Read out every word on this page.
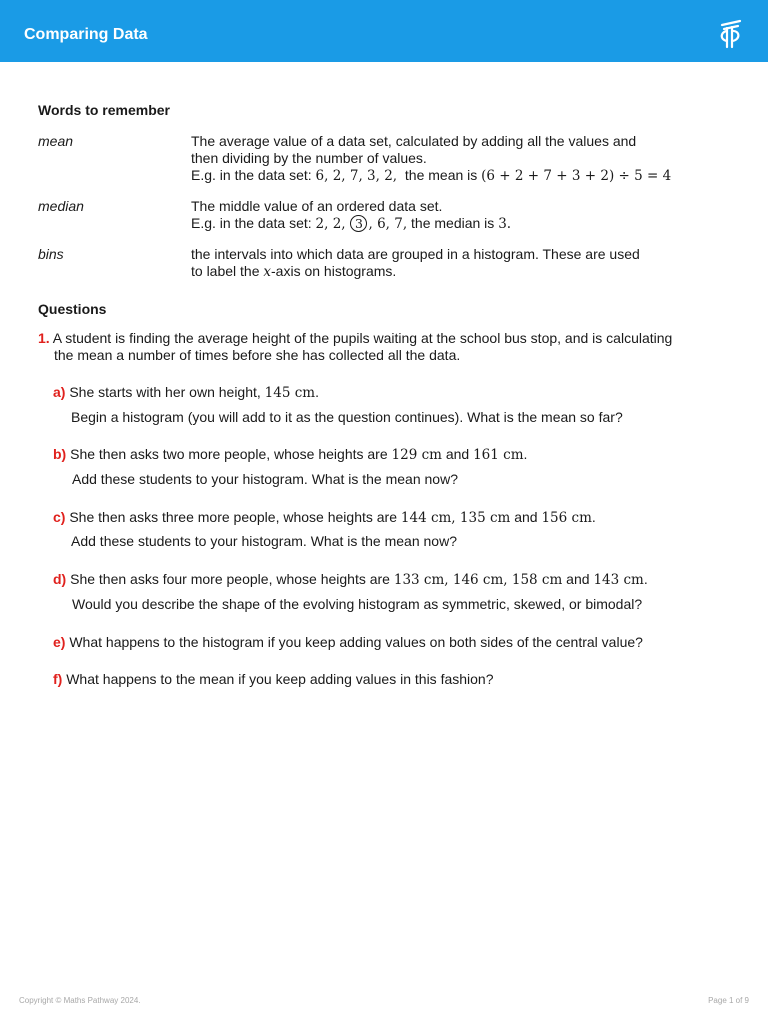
Comparing Data
Words to remember
mean	The average value of a data set, calculated by adding all the values and
then dividing by the number of values.
E.g. in the data set: 6, 2, 7, 3, 2,  the mean is (6 + 2 + 7 + 3 + 2) ÷ 5 = 4
median	The middle value of an ordered data set.
E.g. in the data set: 2, 2, 3 , 6, 7, the median is 3.
bins	the intervals into which data are grouped in a histogram. These are used
to label the x-axis on histograms.
Questions
1. A student is finding the average height of the pupils waiting at the school bus stop, and is calculating
the mean a number of times before she has collected all the data.
a) She starts with her own height, 145 cm.
Begin a histogram (you will add to it as the question continues). What is the mean so far?
b) She then asks two more people, whose heights are 129 cm and 161 cm.
Add these students to your histogram. What is the mean now?
c) She then asks three more people, whose heights are 144 cm, 135 cm and 156 cm.
Add these students to your histogram. What is the mean now?
d) She then asks four more people, whose heights are 133 cm, 146 cm, 158 cm and 143 cm.
Would you describe the shape of the evolving histogram as symmetric, skewed, or bimodal?
e) What happens to the histogram if you keep adding values on both sides of the central value?
f) What happens to the mean if you keep adding values in this fashion?
Copyright © Maths Pathway 2024.	Page 1 of 9
